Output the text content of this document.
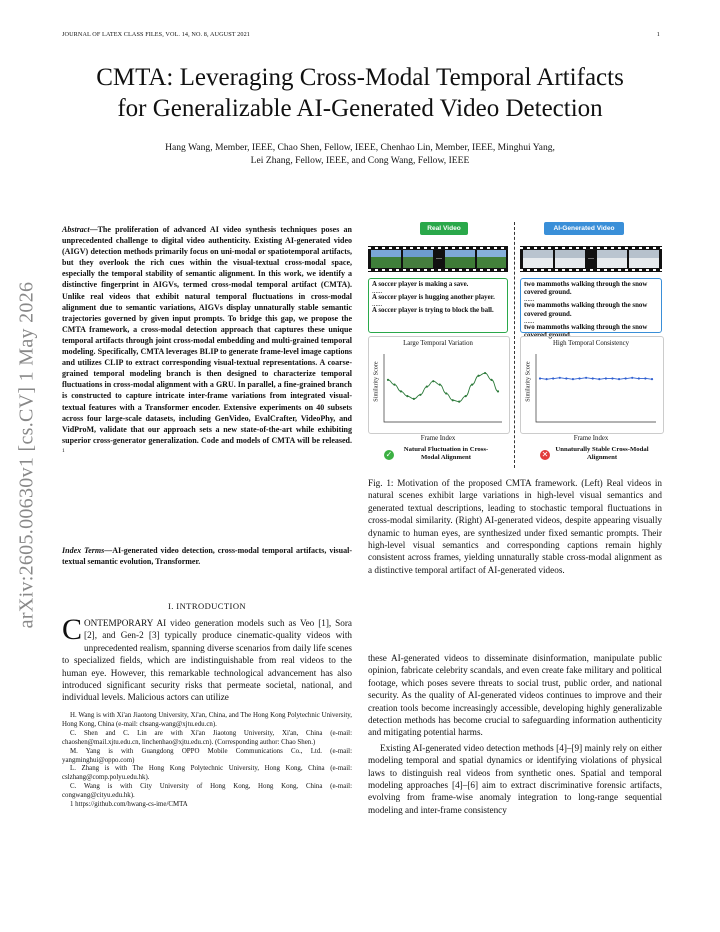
JOURNAL OF LATEX CLASS FILES, VOL. 14, NO. 8, AUGUST 2021	1
arXiv:2605.00630v1 [cs.CV] 1 May 2026
CMTA: Leveraging Cross-Modal Temporal Artifacts
for Generalizable AI-Generated Video Detection
Hang Wang, Member, IEEE, Chao Shen, Fellow, IEEE, Chenhao Lin, Member, IEEE, Minghui Yang,
Lei Zhang, Fellow, IEEE, and Cong Wang, Fellow, IEEE
Abstract—The proliferation of advanced AI video synthesis techniques poses an unprecedented challenge to digital video authenticity. Existing AI-generated video (AIGV) detection methods primarily focus on uni-modal or spatiotemporal artifacts, but they overlook the rich cues within the visual-textual cross-modal space, especially the temporal stability of semantic alignment. In this work, we identify a distinctive fingerprint in AIGVs, termed cross-modal temporal artifact (CMTA). Unlike real videos that exhibit natural temporal fluctuations in cross-modal alignment due to semantic variations, AIGVs display unnaturally stable semantic trajectories governed by given input prompts. To bridge this gap, we propose the CMTA framework, a cross-modal detection approach that captures these unique temporal artifacts through joint cross-modal embedding and multi-grained temporal modeling. Specifically, CMTA leverages BLIP to generate frame-level image captions and utilizes CLIP to extract corresponding visual-textual representations. A coarse-grained temporal modeling branch is then designed to characterize temporal fluctuations in cross-modal alignment with a GRU. In parallel, a fine-grained branch is constructed to capture intricate inter-frame variations from integrated visual-textual features with a Transformer encoder. Extensive experiments on 40 subsets across four large-scale datasets, including GenVideo, EvalCrafter, VideoPhy, and VidProM, validate that our approach sets a new state-of-the-art while exhibiting superior cross-generator generalization. Code and models of CMTA will be released. $^1$
Index Terms—AI-generated video detection, cross-modal temporal artifacts, visual-textual semantic evolution, Transformer.
I. INTRODUCTION
CONTEMPORARY AI video generation models such as Veo [1], Sora [2], and Gen-2 [3] typically produce cinematic-quality videos with unprecedented realism, spanning diverse scenarios from daily life scenes to specialized fields, which are indistinguishable from real videos to the human eye. However, this remarkable technological advancement has also introduced significant security risks that permeate societal, national, and individual levels. Malicious actors can utilize

H. Wang is with Xi'an Jiaotong University, Xi'an, China, and The Hong Kong Polytechnic University, Hong Kong, China (e-mail: chsang-wang@xjtu.edu.cn).

C. Shen and C. Lin are with Xi'an Jiaotong University, Xi'an, China (e-mail: chaoshen@mail.xjtu.edu.cn, linchenhao@xjtu.edu.cn). (Corresponding author: Chao Shen.)

M. Yang is with Guangdong OPPO Mobile Communications Co., Ltd. (e-mail: yangminghui@oppo.com)

L. Zhang is with The Hong Kong Polytechnic University, Hong Kong, China (e-mail: cslzhang@comp.polyu.edu.hk).

C. Wang is with City University of Hong Kong, Hong Kong, China (e-mail: congwang@cityu.edu.hk).

1 https://github.com/hwang-cs-ime/CMTA

Real Video	AI-Generated Video
...	...
A soccer player is making a save.
......
A soccer player is hugging another player.
......
A soccer player is trying to block the ball.
two mammoths walking through the snow covered ground.
......
two mammoths walking through the snow covered ground.
......
two mammoths walking through the snow covered ground.
Large Temporal Variation	High Temporal Consistency
Similarity Score	Similarity Score
Frame Index	Frame Index
✓
Natural Fluctuation in Cross-Modal Alignment	✕
Unnaturally Stable Cross-Modal Alignment
Fig. 1: Motivation of the proposed CMTA framework. (Left) Real videos in natural scenes exhibit large variations in high-level visual semantics and generated textual descriptions, leading to stochastic temporal fluctuations in cross-modal similarity. (Right) AI-generated videos, despite appearing visually dynamic to human eyes, are synthesized under fixed semantic prompts. Their high-level visual semantics and corresponding captions remain highly consistent across frames, yielding unnaturally stable cross-modal alignment as a distinctive temporal artifact of AI-generated videos.

these AI-generated videos to disseminate disinformation, manipulate public opinion, fabricate celebrity scandals, and even create fake military and political footage, which poses severe threats to social trust, public order, and national security. As the quality of AI-generated videos continues to improve and their creation tools become increasingly accessible, developing highly generalizable detection methods has become crucial to safeguarding information authenticity and mitigating potential harms.

Existing AI-generated video detection methods [4]–[9] mainly rely on either modeling temporal and spatial dynamics or identifying violations of physical laws to distinguish real videos from synthetic ones. Spatial and temporal modeling approaches [4]–[6] aim to extract discriminative forensic artifacts, evolving from frame-wise anomaly integration to long-range sequential modeling and inter-frame consistency
